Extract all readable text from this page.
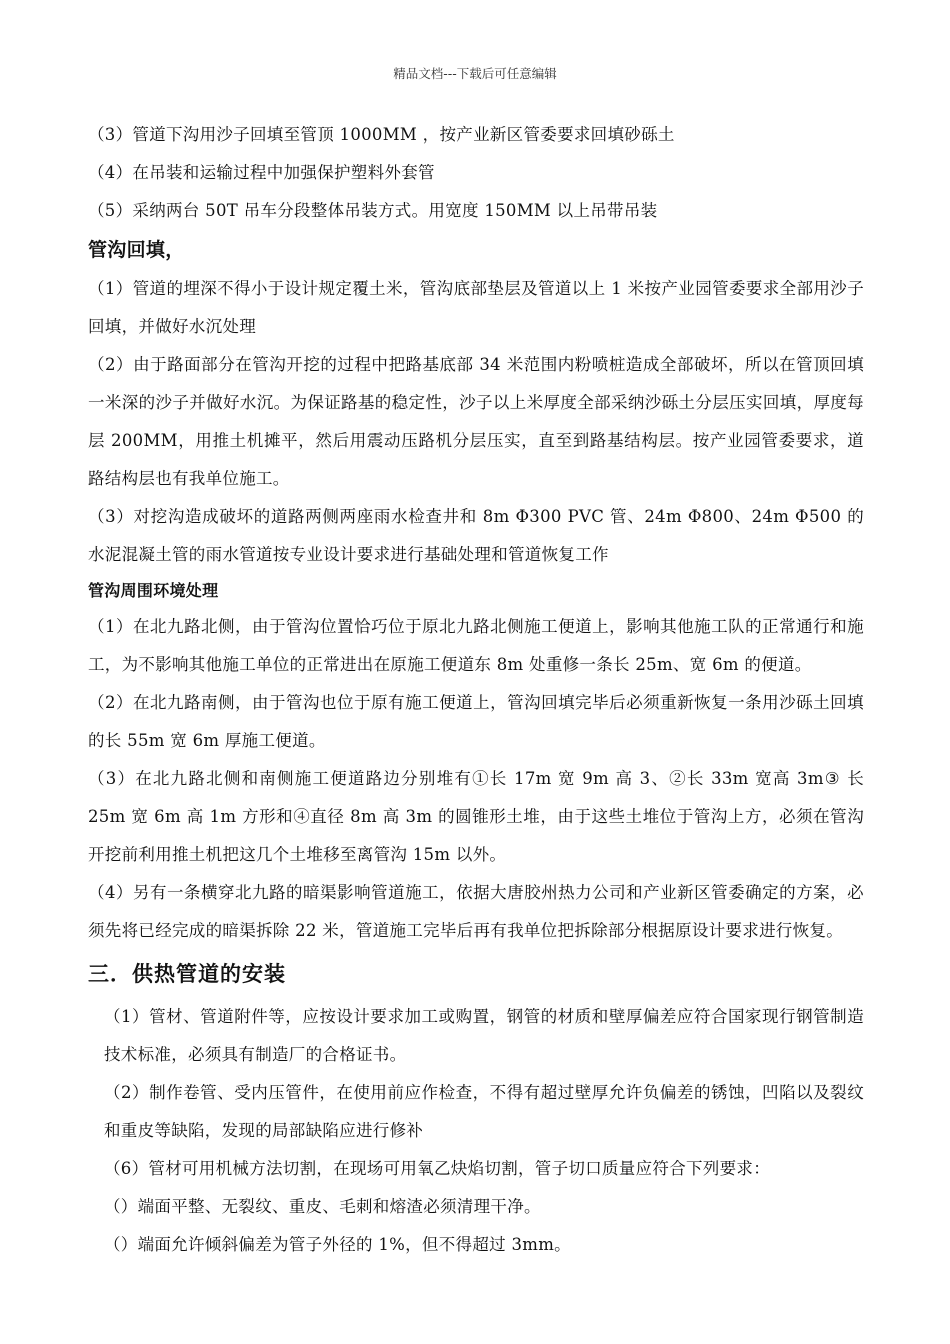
精品文档---下载后可任意编辑

（3）管道下沟用沙子回填至管顶 1000MM ，按产业新区管委要求回填砂砾土

（4）在吊装和运输过程中加强保护塑料外套管

（5）采纳两台 50T 吊车分段整体吊装方式。用宽度 150MM 以上吊带吊装

管沟回填，

（1）管道的埋深不得小于设计规定覆土米，管沟底部垫层及管道以上 1 米按产业园管委要求全部用沙子回填，并做好水沉处理

（2）由于路面部分在管沟开挖的过程中把路基底部 34 米范围内粉喷桩造成全部破坏，所以在管顶回填一米深的沙子并做好水沉。为保证路基的稳定性，沙子以上米厚度全部采纳沙砾土分层压实回填，厚度每层 200MM，用推土机摊平，然后用震动压路机分层压实，直至到路基结构层。按产业园管委要求，道路结构层也有我单位施工。

（3）对挖沟造成破坏的道路两侧两座雨水检查井和 8m Φ300 PVC 管、24m Φ800、24m Φ500 的水泥混凝土管的雨水管道按专业设计要求进行基础处理和管道恢复工作

管沟周围环境处理

（1）在北九路北侧，由于管沟位置恰巧位于原北九路北侧施工便道上，影响其他施工队的正常通行和施工，为不影响其他施工单位的正常进出在原施工便道东 8m 处重修一条长 25m、宽 6m 的便道。

（2）在北九路南侧，由于管沟也位于原有施工便道上，管沟回填完毕后必须重新恢复一条用沙砾土回填的长 55m 宽 6m 厚施工便道。

（3）在北九路北侧和南侧施工便道路边分别堆有①长 17m 宽 9m 高 3、②长 33m 宽高 3m③ 长 25m 宽 6m 高 1m 方形和④直径 8m 高 3m 的圆锥形土堆，由于这些土堆位于管沟上方，必须在管沟开挖前利用推土机把这几个土堆移至离管沟 15m 以外。

（4）另有一条横穿北九路的暗渠影响管道施工，依据大唐胶州热力公司和产业新区管委确定的方案，必须先将已经完成的暗渠拆除 22 米，管道施工完毕后再有我单位把拆除部分根据原设计要求进行恢复。

三．供热管道的安装

（1）管材、管道附件等，应按设计要求加工或购置，钢管的材质和壁厚偏差应符合国家现行钢管制造技术标准，必须具有制造厂的合格证书。

（2）制作卷管、受内压管件，在使用前应作检查，不得有超过壁厚允许负偏差的锈蚀，凹陷以及裂纹和重皮等缺陷，发现的局部缺陷应进行修补

（6）管材可用机械方法切割，在现场可用氧乙炔焰切割，管子切口质量应符合下列要求：

（）端面平整、无裂纹、重皮、毛刺和熔渣必须清理干净。

（）端面允许倾斜偏差为管子外径的 1%，但不得超过 3mm。
